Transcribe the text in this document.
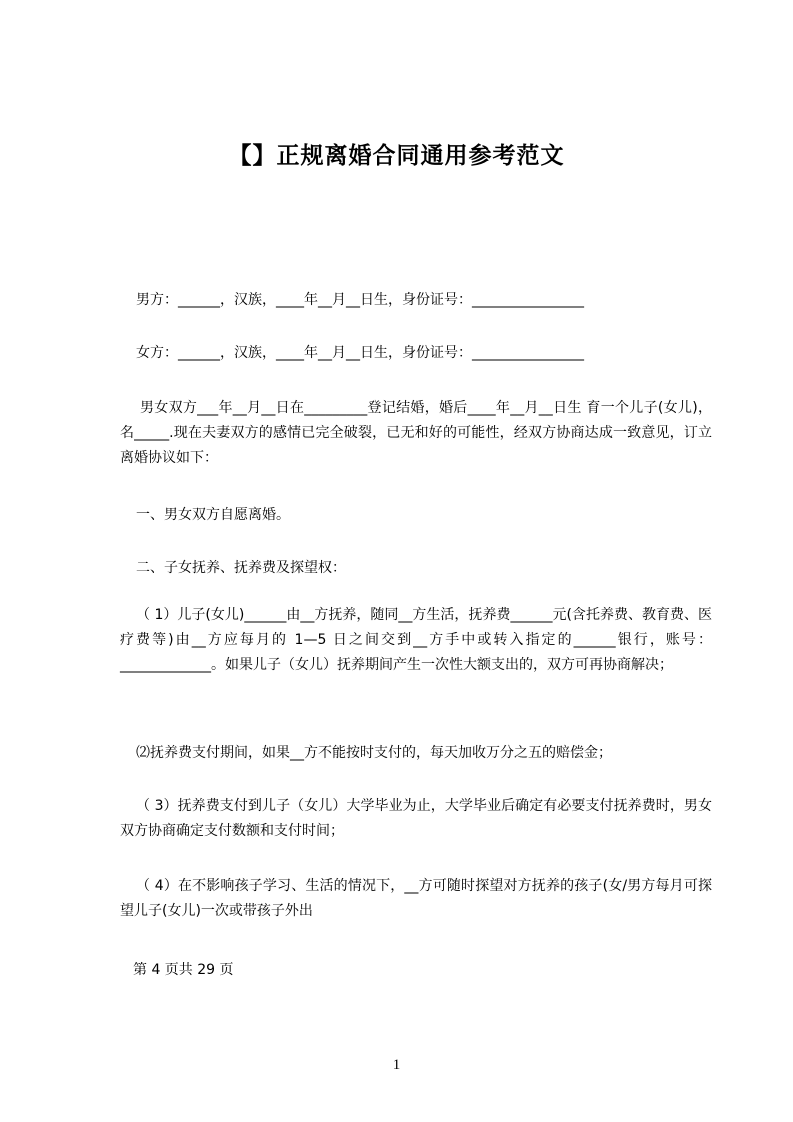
【】正规离婚合同通用参考范文
男方：______，汉族，____年__月__日生，身份证号：________________
女方：______，汉族，____年__月__日生，身份证号：________________

男女双方___年__月__日在_________登记结婚，婚后____年__月__日生 育一个儿子(女儿)，名_____.现在夫妻双方的感情已完全破裂，已无和好的可能性，经双方协商达成一致意见，订立离婚协议如下：

一、男女双方自愿离婚。
二、子女抚养、抚养费及探望权：

（ 1）儿子(女儿)______由__方抚养，随同__方生活，抚养费______元(含托养费、教育费、医疗费等)由__方应每月的 1—5 日之间交到__方手中或转入指定的______银行，账号：_____________。如果儿子（女儿）抚养期间产生一次性大额支出的，双方可再协商解决；

⑵抚养费支付期间，如果__方不能按时支付的，每天加收万分之五的赔偿金；

（ 3）抚养费支付到儿子（女儿）大学毕业为止，大学毕业后确定有必要支付抚养费时，男女双方协商确定支付数额和支付时间；

（ 4）在不影响孩子学习、生活的情况下，__方可随时探望对方抚养的孩子(女/男方每月可探望儿子(女儿)一次或带孩子外出

第 4 页共 29 页
1
